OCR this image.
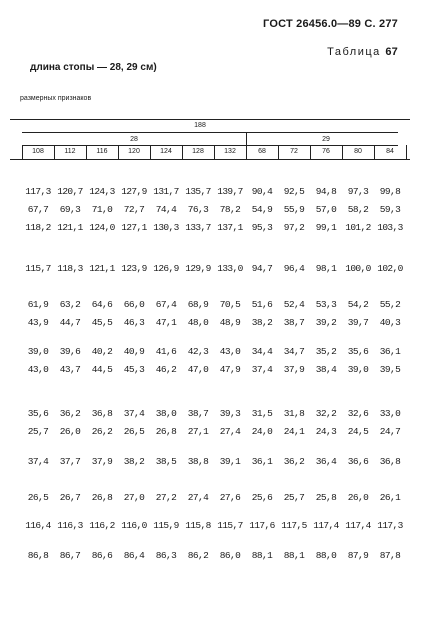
ГОСТ 26456.0—89 С. 277
Таблица 67
длина стопы — 28, 29 см)
размерных признаков
188
28	29
108	112	116	120	124	128	132	68	72	76	80	84
117,3 120,7 124,3 127,9 131,7 135,7 139,7 90,4	92,5	94,8	97,3	99,8
67,7	69,3	71,0	72,7	74,4	76,3	78,2	54,9	55,9	57,0	58,2	59,3
118,2 121,1 124,0 127,1 130,3 133,7 137,1 95,3	97,2	99,1 101,2 103,3
115,7 118,3 121,1 123,9 126,9 129,9 133,0 94,7	96,4	98,1 100,0 102,0
61,9	63,2	64,6	66,0	67,4	68,9	70,5	51,6	52,4	53,3	54,2	55,2
43,9	44,7	45,5	46,3	47,1	48,0	48,9	38,2	38,7	39,2	39,7	40,3
39,0	39,6	40,2	40,9	41,6	42,3	43,0	34,4	34,7	35,2	35,6	36,1
43,0	43,7	44,5	45,3	46,2	47,0	47,9	37,4	37,9	38,4	39,0	39,5
35,6	36,2	36,8	37,4	38,0	38,7	39,3	31,5	31,8	32,2	32,6	33,0
25,7	26,0	26,2	26,5	26,8	27,1	27,4	24,0	24,1	24,3	24,5	24,7
37,4	37,7	37,9	38,2	38,5	38,8	39,1	36,1	36,2	36,4	36,6	36,8
26,5	26,7	26,8	27,0	27,2	27,4	27,6	25,6	25,7	25,8	26,0	26,1
116,4 116,3 116,2 116,0 115,9 115,8 115,7 117,6 117,5 117,4 117,4 117,3
86,8	86,7	86,6	86,4	86,3	86,2	86,0	88,1	88,1	88,0	87,9	87,8
